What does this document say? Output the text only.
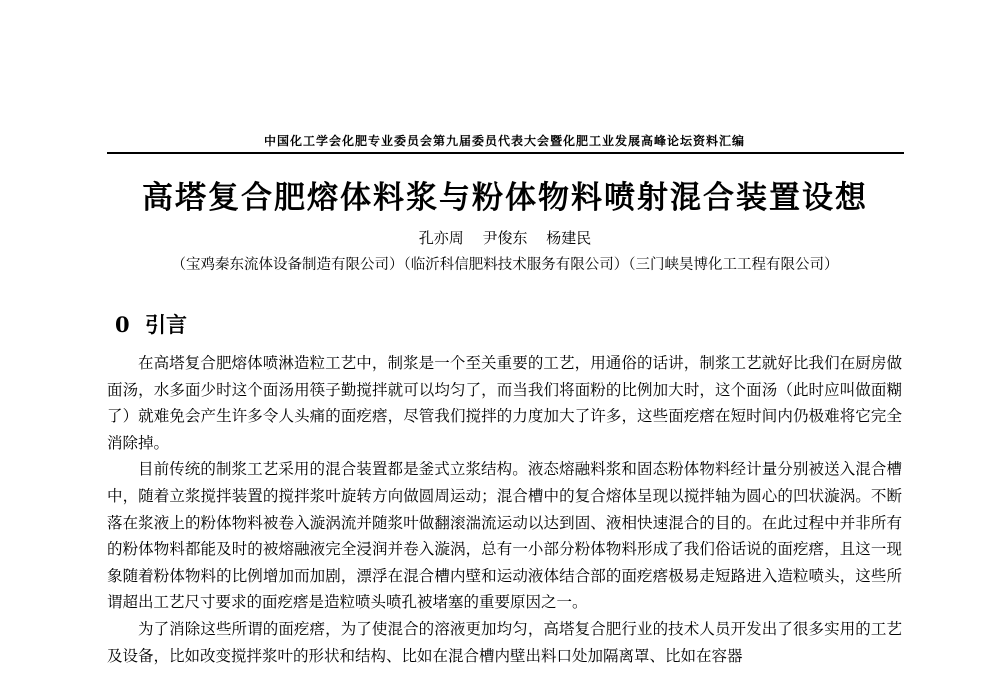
中国化工学会化肥专业委员会第九届委员代表大会暨化肥工业发展高峰论坛资料汇编
高塔复合肥熔体料浆与粉体物料喷射混合装置设想
孔亦周 尹俊东 杨建民
（宝鸡秦东流体设备制造有限公司）（临沂科信肥料技术服务有限公司）（三门峡昊博化工工程有限公司）
0 引言

在高塔复合肥熔体喷淋造粒工艺中，制浆是一个至关重要的工艺，用通俗的话讲，制浆工艺就好比我们在厨房做面汤，水多面少时这个面汤用筷子勤搅拌就可以均匀了，而当我们将面粉的比例加大时，这个面汤（此时应叫做面糊了）就难免会产生许多令人头痛的面疙瘩，尽管我们搅拌的力度加大了许多，这些面疙瘩在短时间内仍极难将它完全消除掉。

目前传统的制浆工艺采用的混合装置都是釜式立浆结构。液态熔融料浆和固态粉体物料经计量分别被送入混合槽中，随着立浆搅拌装置的搅拌浆叶旋转方向做圆周运动；混合槽中的复合熔体呈现以搅拌轴为圆心的凹状漩涡。不断落在浆液上的粉体物料被卷入漩涡流并随浆叶做翻滚湍流运动以达到固、液相快速混合的目的。在此过程中并非所有的粉体物料都能及时的被熔融液完全浸润并卷入漩涡，总有一小部分粉体物料形成了我们俗话说的面疙瘩，且这一现象随着粉体物料的比例增加而加剧，漂浮在混合槽内壁和运动液体结合部的面疙瘩极易走短路进入造粒喷头，这些所谓超出工艺尺寸要求的面疙瘩是造粒喷头喷孔被堵塞的重要原因之一。

为了消除这些所谓的面疙瘩，为了使混合的溶液更加均匀，高塔复合肥行业的技术人员开发出了很多实用的工艺及设备，比如改变搅拌浆叶的形状和结构、比如在混合槽内壁出料口处加隔离罩、比如在容器
